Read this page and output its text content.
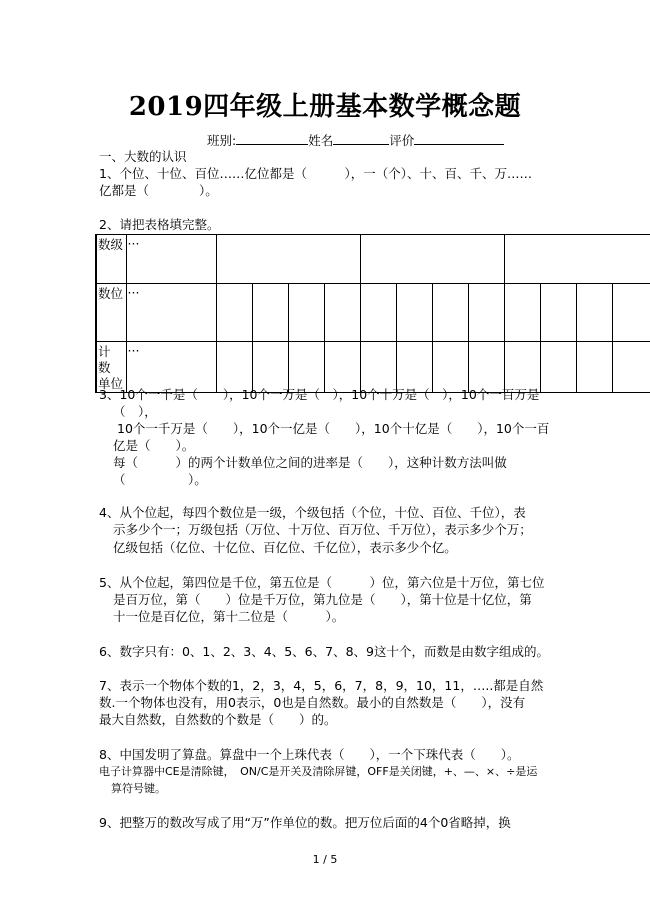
2019四年级上册基本数学概念题
班别:	姓名	评价
一、大数的认识
1、个位、十位、百位……亿位都是（　　　），一（个）、十、百、千、万……
亿都是（　　　　）。
2、请把表格填完整。
数级	···												

数位	···												

计 数
单位	···												

3、10个一千是（　　），10个一万是（　），10个十万是（　），10个一百万是
（　），
10个一千万是（　　），10个一亿是（　　），10个十亿是（　　），10个一百
亿是（　　）。
每（　　　）的两个计数单位之间的进率是（　　），这种计数方法叫做
（　　　　　）。
4、从个位起，每四个数位是一级，个级包括（个位，十位、百位、千位），表
示多少个一；万级包括（万位、十万位、百万位、千万位），表示多少个万；
亿级包括（亿位、十亿位、百亿位、千亿位），表示多少个亿。
5、从个位起，第四位是千位，第五位是（　　　）位，第六位是十万位，第七位
是百万位，第（　　）位是千万位，第九位是（　　），第十位是十亿位，第
十一位是百亿位，第十二位是（　　　）。
6、数字只有：0、1、2、3、4、5、6、7、8、9这十个，而数是由数字组成的。
7、表示一个物体个数的1，2，3，4，5，6，7，8，9，10，11，…..都是自然
数.一个物体也没有，用0表示，0也是自然数。最小的自然数是（　　），没有
最大自然数，自然数的个数是（　　）的。
8、中国发明了算盘。算盘中一个上珠代表（　　），一个下珠代表（　　）。
电子计算器中CE是清除键，　ON/C是开关及清除屏键，OFF是关闭键，+、—、×、÷是运
算符号键。
9、把整万的数改写成了用“万”作单位的数。把万位后面的4个0省略掉，换
1 / 5
